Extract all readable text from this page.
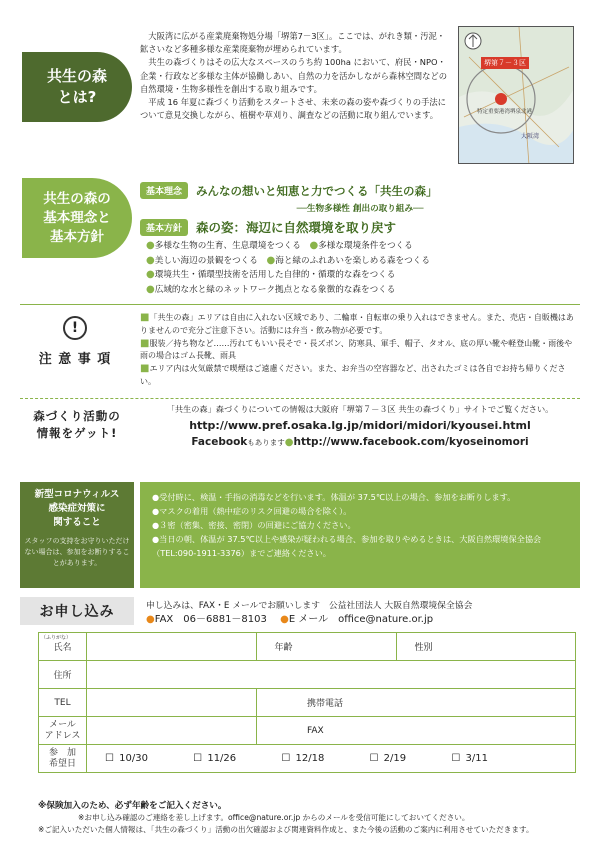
共生の森
とは?

大阪湾に広がる産業廃棄物処分場「堺第7－3区」。ここでは、がれき類・汚泥・鉱さいなど多種多様な産業廃棄物が埋められています。

共生の森づくりはその広大なスペースのうち約 100ha において、府民・NPO・企業・行政など多様な主体が協働しあい、自然の力を活かしながら森林空間などの自然環境・生物多様性を創出する取り組みです。

平成 16 年夏に森づくり活動をスタートさせ、未来の森の姿や森づくりの手法について意見交換しながら、植樹や草刈り、調査などの活動に取り組んでいます。

堺第７－３区
特定重要港湾堺泉北港
大阪湾
共生の森の
基本理念と
基本方針
基本理念	みんなの想いと知恵と力でつくる「共生の森」
──生物多様性 創出の取り組み──
基本方針	森の姿：海辺に自然環境を取り戻す
●多様な生物の生育、生息環境をつくる　 ●多様な環境条件をつくる
●美しい海辺の景観をつくる　 ●海と緑のふれあいを楽しめる森をつくる
●環境共生・循環型技術を活用した自律的・循環的な森をつくる
●広域的な水と緑のネットワーク拠点となる象徴的な森をつくる
!
注 意 事 項
■「共生の森」エリアは自由に入れない区域であり、二輪車・自転車の乗り入れはできません。また、売店・自販機はありませんので充分ご注意下さい。活動には弁当・飲み物が必要です。
■服装／持ち物など……汚れてもいい長そで・長ズボン、防寒具、軍手、帽子、タオル、底の厚い靴や軽登山靴・雨後や雨の場合はゴム長靴、雨具
■エリア内は火気厳禁で喫煙はご遠慮ください。また、お弁当の空容器など、出されたゴミは各自でお持ち帰りください。
森づくり活動の
情報をゲット!
「共生の森」森づくりについての情報は大阪府「堺第７－３区 共生の森づくり」サイトでご覧ください。
http://www.pref.osaka.lg.jp/midori/midori/kyousei.html
Facebookもあります●http://www.facebook.com/kyoseinomori
新型コロナウィルス
感染症対策に
関すること
スタッフの支持をお守りいただけない場合は、参加をお断りすることがあります。
●受付時に、検温・手指の消毒などを行います。体温が 37.5℃以上の場合、参加をお断りします。
●マスクの着用（熱中症のリスク回避の場合を除く）。
●３密（密集、密接、密閉）の回避にご協力ください。
●当日の朝、体温が 37.5℃以上や感染が疑われる場合、参加を取りやめるときは、大阪自然環境保全協会（TEL:090-1911-3376）までご連絡ください。
お申し込み	申し込みは、FAX・E メールでお願いします　公益社団法人 大阪自然環境保全協会
●FAX　06－6881－8103　 ●E メール　office@nature.or.jp
（ふりがな）
氏名		年齢		性別	
住所					
TEL		携帯電話			
メール
アドレス		FAX			
参　加
希望日	☐ 10/30 ☐ 11/26 ☐ 12/18 ☐ 2/19 ☐ 3/11				
※保険加入のため、必ず年齢をご記入ください。
※お申し込み確認のご連絡を差し上げます。office@nature.or.jp からのメールを受信可能にしておいてください。
※ご記入いただいた個人情報は、「共生の森づくり」活動の出欠確認および関連資料作成と、また今後の活動のご案内に利用させていただきます。
